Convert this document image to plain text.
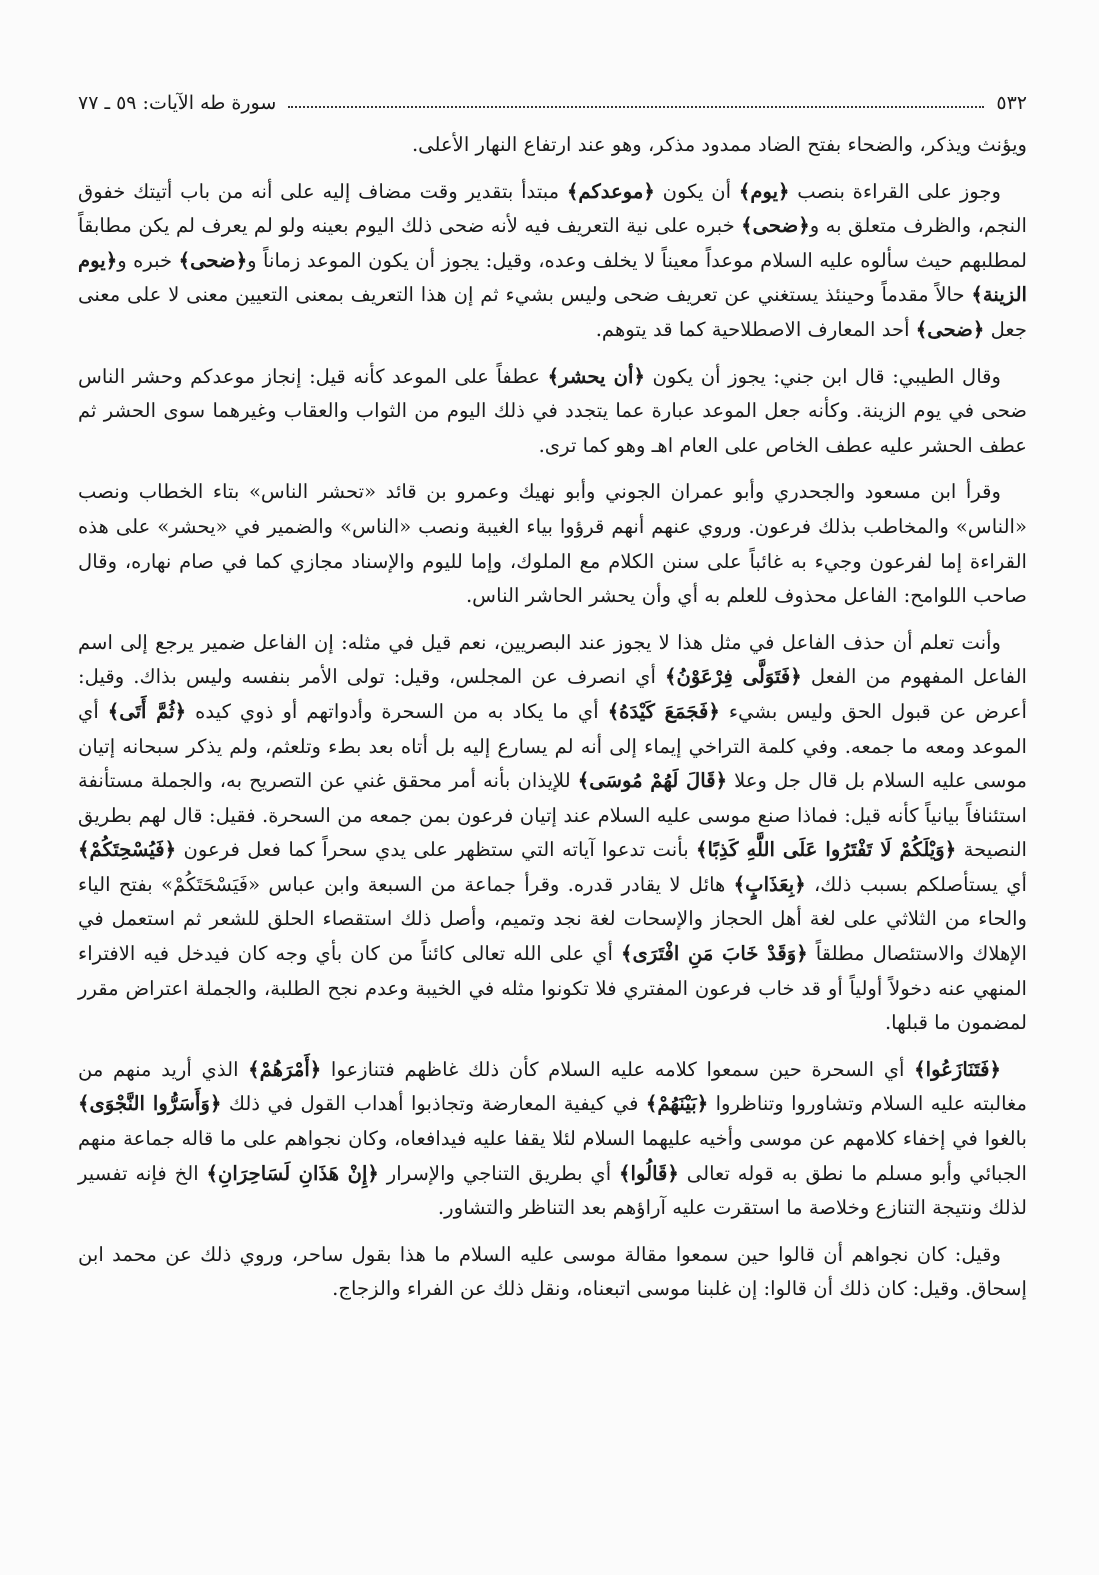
٥٣٢
سورة طه الآيات: ٥٩ ـ ٧٧

ويؤنث ويذكر، والضحاء بفتح الضاد ممدود مذكر، وهو عند ارتفاع النهار الأعلى.

وجوز على القراءة بنصب ﴿يوم﴾ أن يكون ﴿موعدكم﴾ مبتدأ بتقدير وقت مضاف إليه على أنه من باب أتيتك خفوق النجم، والظرف متعلق به و﴿ضحى﴾ خبره على نية التعريف فيه لأنه ضحى ذلك اليوم بعينه ولو لم يعرف لم يكن مطابقاً لمطلبهم حيث سألوه عليه السلام موعداً معيناً لا يخلف وعده، وقيل: يجوز أن يكون الموعد زماناً و﴿ضحى﴾ خبره و﴿يوم الزينة﴾ حالاً مقدماً وحينئذ يستغني عن تعريف ضحى وليس بشيء ثم إن هذا التعريف بمعنى التعيين معنى لا على معنى جعل ﴿ضحى﴾ أحد المعارف الاصطلاحية كما قد يتوهم.

وقال الطيبي: قال ابن جني: يجوز أن يكون ﴿أن يحشر﴾ عطفاً على الموعد كأنه قيل: إنجاز موعدكم وحشر الناس ضحى في يوم الزينة. وكأنه جعل الموعد عبارة عما يتجدد في ذلك اليوم من الثواب والعقاب وغيرهما سوى الحشر ثم عطف الحشر عليه عطف الخاص على العام اهـ وهو كما ترى.

وقرأ ابن مسعود والجحدري وأبو عمران الجوني وأبو نهيك وعمرو بن قائد «تحشر الناس» بتاء الخطاب ونصب «الناس» والمخاطب بذلك فرعون. وروي عنهم أنهم قرؤوا بياء الغيبة ونصب «الناس» والضمير في «يحشر» على هذه القراءة إما لفرعون وجيء به غائباً على سنن الكلام مع الملوك، وإما لليوم والإسناد مجازي كما في صام نهاره، وقال صاحب اللوامح: الفاعل محذوف للعلم به أي وأن يحشر الحاشر الناس.

وأنت تعلم أن حذف الفاعل في مثل هذا لا يجوز عند البصريين، نعم قيل في مثله: إن الفاعل ضمير يرجع إلى اسم الفاعل المفهوم من الفعل ﴿فَتَوَلَّى فِرْعَوْنُ﴾ أي انصرف عن المجلس، وقيل: تولى الأمر بنفسه وليس بذاك. وقيل: أعرض عن قبول الحق وليس بشيء ﴿فَجَمَعَ كَيْدَهُ﴾ أي ما يكاد به من السحرة وأدواتهم أو ذوي كيده ﴿ثُمَّ أَتَى﴾ أي الموعد ومعه ما جمعه. وفي كلمة التراخي إيماء إلى أنه لم يسارع إليه بل أتاه بعد بطء وتلعثم، ولم يذكر سبحانه إتيان موسى عليه السلام بل قال جل وعلا ﴿قَالَ لَهُمْ مُوسَى﴾ للإيذان بأنه أمر محقق غني عن التصريح به، والجملة مستأنفة استئنافاً بيانياً كأنه قيل: فماذا صنع موسى عليه السلام عند إتيان فرعون بمن جمعه من السحرة. فقيل: قال لهم بطريق النصيحة ﴿وَيْلَكُمْ لَا تَفْتَرُوا عَلَى اللَّهِ كَذِبًا﴾ بأنت تدعوا آياته التي ستظهر على يدي سحراً كما فعل فرعون ﴿فَيُسْحِتَكُمْ﴾ أي يستأصلكم بسبب ذلك، ﴿بِعَذَابٍ﴾ هائل لا يقادر قدره. وقرأ جماعة من السبعة وابن عباس «فَيَسْحَتَكُمْ» بفتح الياء والحاء من الثلاثي على لغة أهل الحجاز والإسحات لغة نجد وتميم، وأصل ذلك استقصاء الحلق للشعر ثم استعمل في الإهلاك والاستئصال مطلقاً ﴿وَقَدْ خَابَ مَنِ افْتَرَى﴾ أي على الله تعالى كائناً من كان بأي وجه كان فيدخل فيه الافتراء المنهي عنه دخولاً أولياً أو قد خاب فرعون المفتري فلا تكونوا مثله في الخيبة وعدم نجح الطلبة، والجملة اعتراض مقرر لمضمون ما قبلها.

﴿فَتَنَازَعُوا﴾ أي السحرة حين سمعوا كلامه عليه السلام كأن ذلك غاظهم فتنازعوا ﴿أَمْرَهُمْ﴾ الذي أريد منهم من مغالبته عليه السلام وتشاوروا وتناظروا ﴿بَيْنَهُمْ﴾ في كيفية المعارضة وتجاذبوا أهداب القول في ذلك ﴿وَأَسَرُّوا النَّجْوَى﴾ بالغوا في إخفاء كلامهم عن موسى وأخيه عليهما السلام لئلا يقفا عليه فيدافعاه، وكان نجواهم على ما قاله جماعة منهم الجبائي وأبو مسلم ما نطق به قوله تعالى ﴿قَالُوا﴾ أي بطريق التناجي والإسرار ﴿إِنْ هَذَانِ لَسَاحِرَانِ﴾ الخ فإنه تفسير لذلك ونتيجة التنازع وخلاصة ما استقرت عليه آراؤهم بعد التناظر والتشاور.

وقيل: كان نجواهم أن قالوا حين سمعوا مقالة موسى عليه السلام ما هذا بقول ساحر، وروي ذلك عن محمد ابن إسحاق. وقيل: كان ذلك أن قالوا: إن غلبنا موسى اتبعناه، ونقل ذلك عن الفراء والزجاج.
